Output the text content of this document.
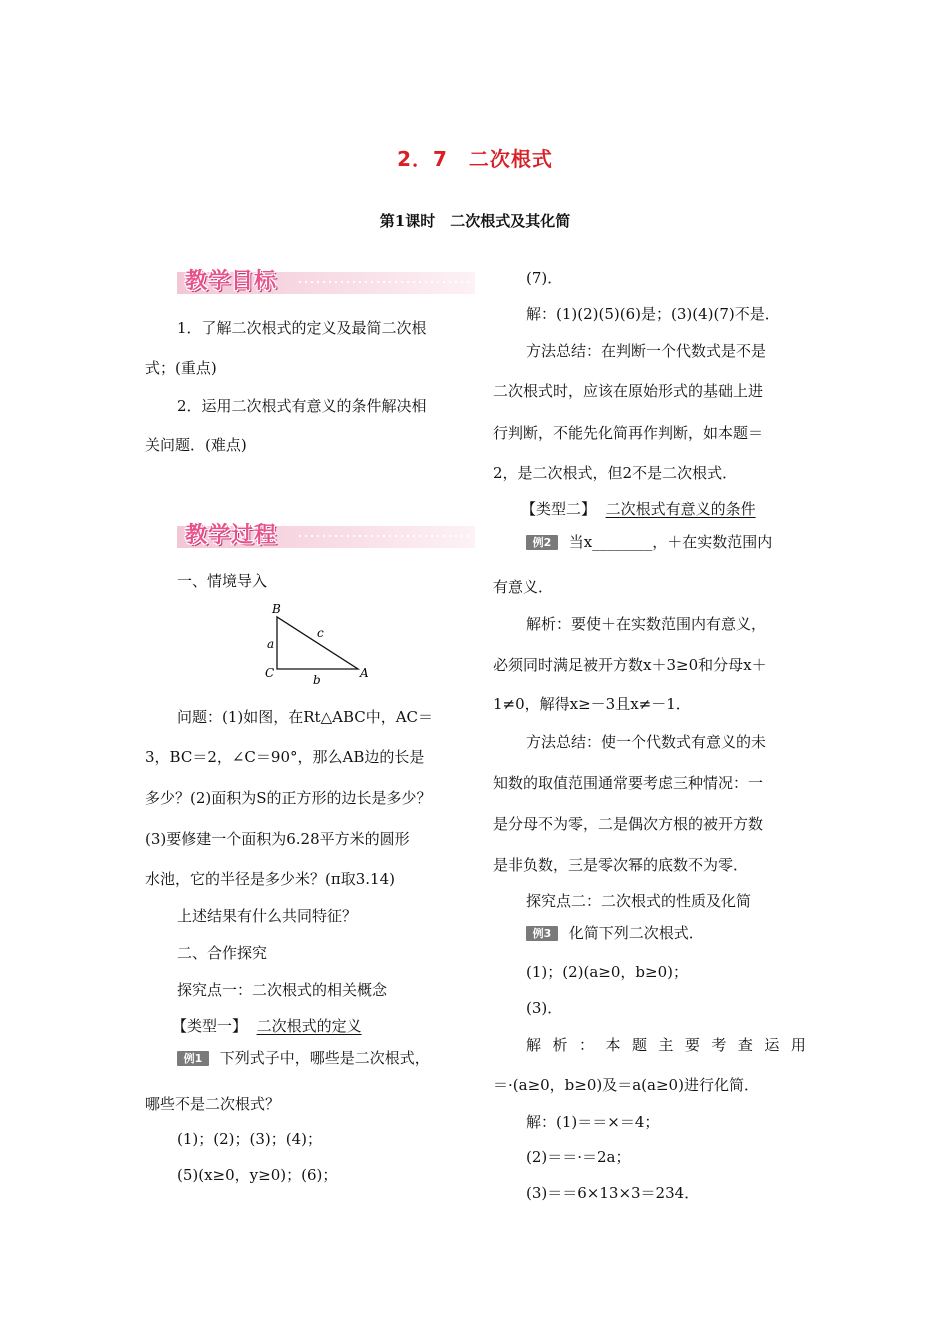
2．7　二次根式
第1课时　二次根式及其化简
教学目标
1．了解二次根式的定义及最简二次根
式；(重点)
2．运用二次根式有意义的条件解决相
关问题．(难点)
教学过程
一、情境导入
B
C	A
a
b
c
问题：(1)如图，在Rt△ABC中，AC＝
3，BC＝2，∠C＝90°，那么AB边的长是
多少？(2)面积为S的正方形的边长是多少？
(3)要修建一个面积为6.28平方米的圆形
水池，它的半径是多少米？(π取3.14)
上述结果有什么共同特征？
二、合作探究
探究点一：二次根式的相关概念
【类型一】 二次根式的定义
例1 下列式子中，哪些是二次根式，
哪些不是二次根式？
(1)；(2)；(3)；(4)；
(5)(x≥0，y≥0)；(6)；
(7)．
解：(1)(2)(5)(6)是；(3)(4)(7)不是．
方法总结：在判断一个代数式是不是
二次根式时，应该在原始形式的基础上进
行判断，不能先化简再作判断，如本题＝
2，是二次根式，但2不是二次根式．
【类型二】 二次根式有意义的条件
例2 当x________，＋在实数范围内
有意义．
解析：要使＋在实数范围内有意义，
必须同时满足被开方数x＋3≥0和分母x＋
1≠0，解得x≥－3且x≠－1．
方法总结：使一个代数式有意义的未
知数的取值范围通常要考虑三种情况：一
是分母不为零，二是偶次方根的被开方数
是非负数，三是零次幂的底数不为零．
探究点二：二次根式的性质及化简
例3 化简下列二次根式．
(1)；(2)(a≥0，b≥0)；
(3)．
解 析 ： 本 题 主 要 考 查 运 用
＝·(a≥0，b≥0)及＝a(a≥0)进行化简．
解：(1)＝＝×＝4；
(2)＝＝·＝2a；
(3)＝＝6×13×3＝234．
